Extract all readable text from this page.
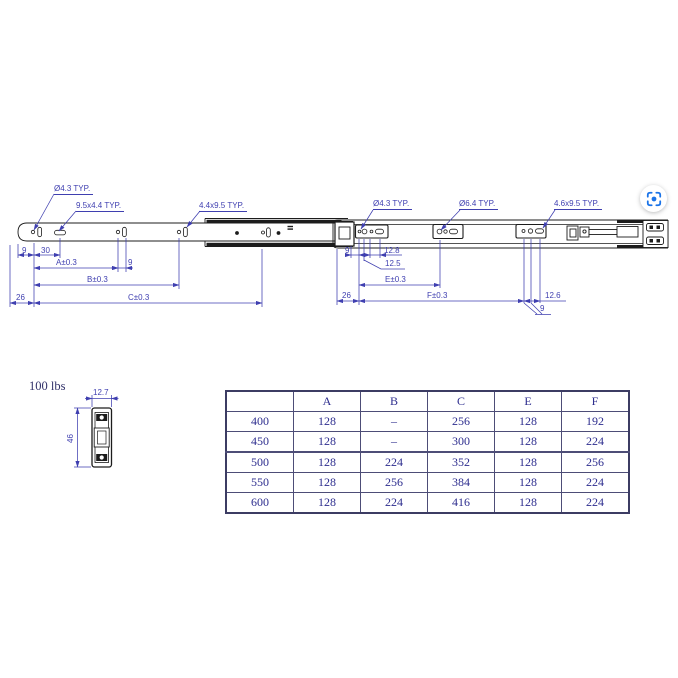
Ø4.3 TYP.
9.5x4.4 TYP.	4.4x9.5 TYP.
9 30
A±0.3	9
B±0.3
26	C±0.3
Ø4.3 TYP.	Ø6.4 TYP.	4.6x9.5 TYP.
9	12.8
12.5
E±0.3
26	F±0.3	12.6
9
100 lbs	12.7
46
	A	B	C	E	F
400	128	–	256	128	192
450	128	–	300	128	224
500	128	224	352	128	256
550	128	256	384	128	224
600	128	224	416	128	224
